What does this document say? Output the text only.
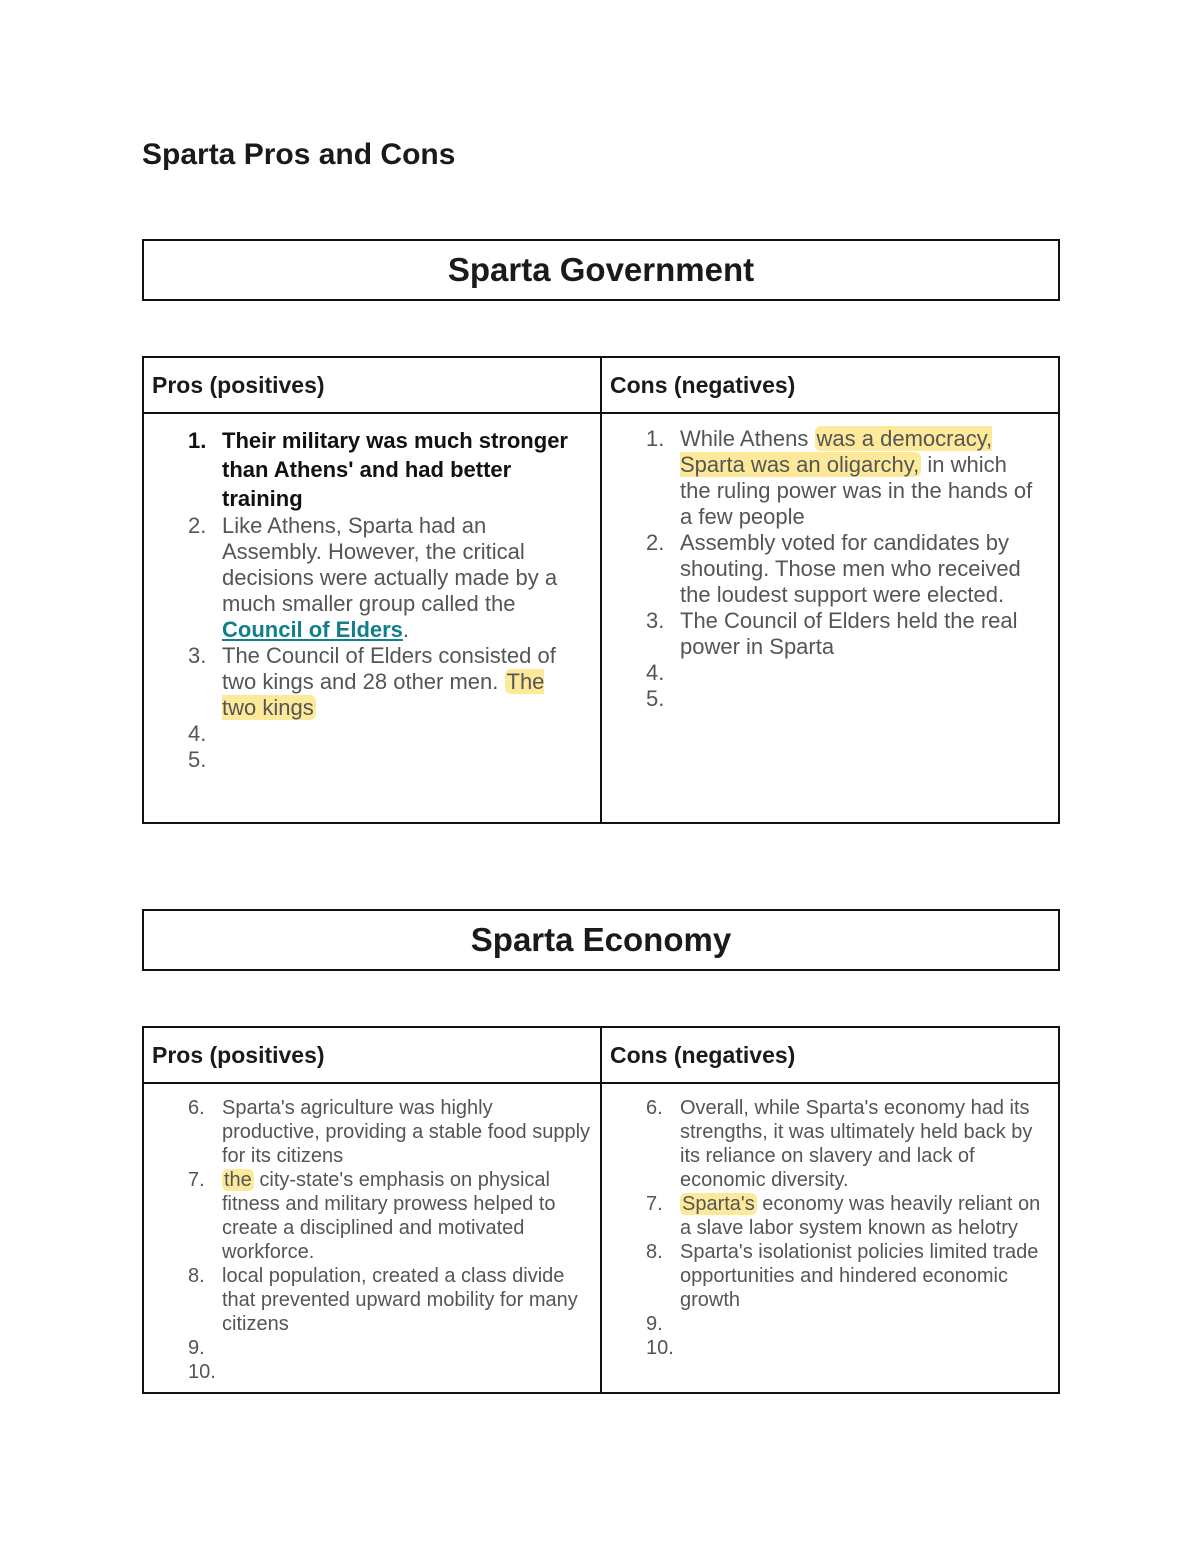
Sparta Pros and Cons
Sparta Government
Pros (positives)	Cons (negatives)
1. Their military was much stronger than Athens' and had better training
2. Like Athens, Sparta had an Assembly. However, the critical decisions were actually made by a much smaller group called the Council of Elders.
3. The Council of Elders consisted of two kings and 28 other men. The two kings
4.
5.
1. While Athens was a democracy, Sparta was an oligarchy, in which the ruling power was in the hands of a few people
2. Assembly voted for candidates by shouting. Those men who received the loudest support were elected.
3. The Council of Elders held the real power in Sparta
4.
5.
Sparta Economy
Pros (positives)	Cons (negatives)
6. Sparta's agriculture was highly productive, providing a stable food supply for its citizens
7. the city-state's emphasis on physical fitness and military prowess helped to create a disciplined and motivated workforce.
8. local population, created a class divide that prevented upward mobility for many citizens
9.
10.
6. Overall, while Sparta's economy had its strengths, it was ultimately held back by its reliance on slavery and lack of economic diversity.
7. Sparta's economy was heavily reliant on a slave labor system known as helotry
8. Sparta's isolationist policies limited trade opportunities and hindered economic growth
9.
10.
